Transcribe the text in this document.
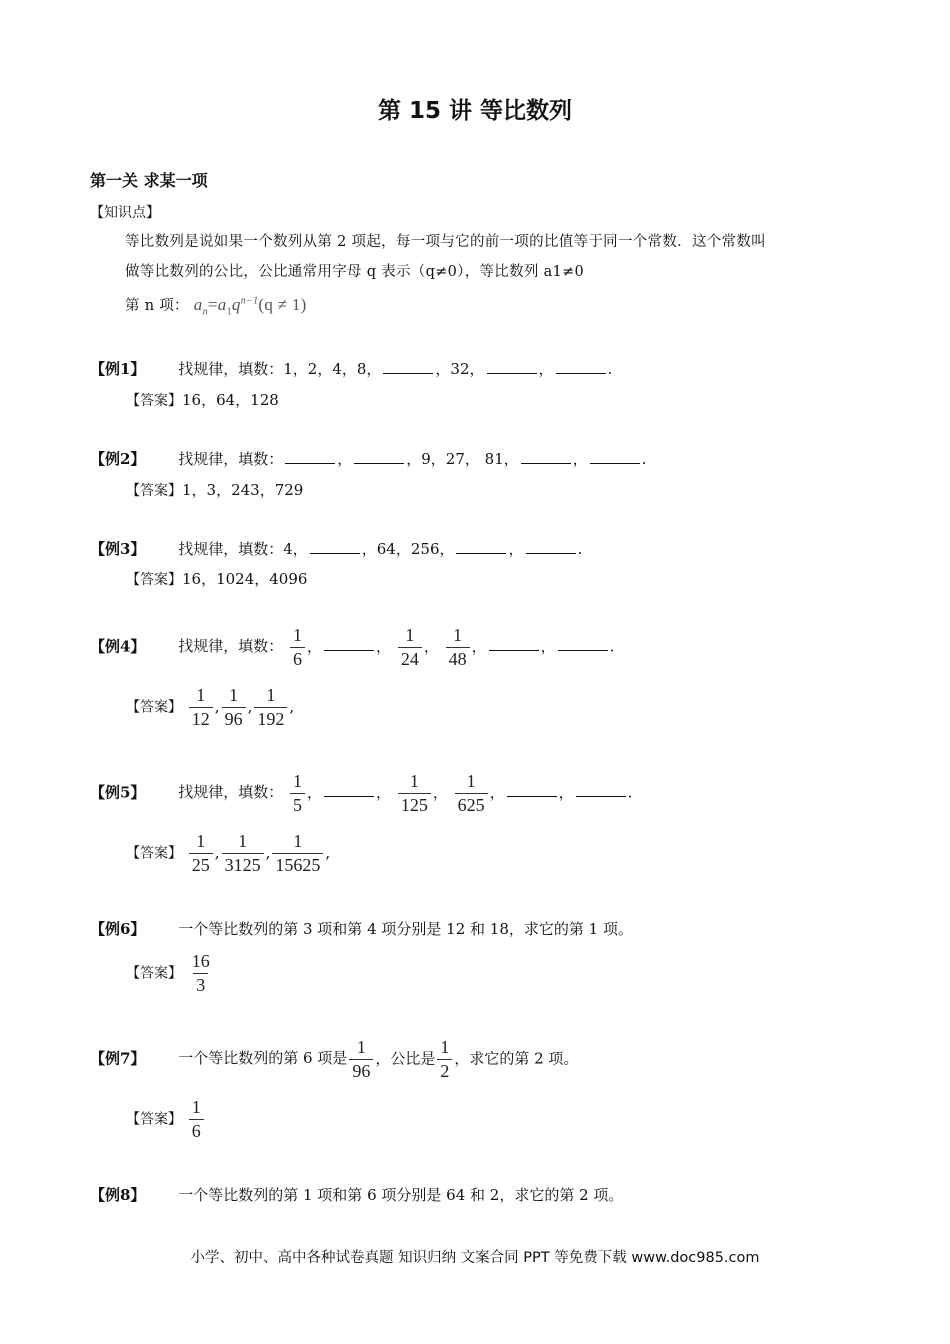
第 15 讲 等比数列
第一关 求某一项
【知识点】
等比数列是说如果一个数列从第 2 项起，每一项与它的前一项的比值等于同一个常数．这个常数叫
做等比数列的公比，公比通常用字母 q 表示（q≠0），等比数列 a1≠0
第 n 项： $a_n=a_1q^{n-1}(q \ne 1)$
【例1】 找规律，填数：1，2，4，8，	，32，	，	.
【答案】16，64，128
【例2】 找规律，填数：	，	，9，27， 81，	，	.
【答案】1，3，243，729
【例3】 找规律，填数：4，	，64，256，	，	.
【答案】16，1024，4096
【例4】 找规律，填数： $\frac{1}{6}$ ，	， $\frac{1}{24}$ ， $\frac{1}{48}$ ，	，	.
【答案】 $\frac{1}{12}$ , $\frac{1}{96}$ , $\frac{1}{192}$ ,
【例5】 找规律，填数： $\frac{1}{5}$ ，	， $\frac{1}{125}$ ， $\frac{1}{625}$ ，	，	.
【答案】 $\frac{1}{25}$ , $\frac{1}{3125}$ , $\frac{1}{15625}$ ,
【例6】 一个等比数列的第 3 项和第 4 项分别是 12 和 18，求它的第 1 项。
【答案】 $\frac{16}{3}$
【例7】 一个等比数列的第 6 项是 $\frac{1}{96}$ ，公比是 $\frac{1}{2}$ ，求它的第 2 项。
【答案】 $\frac{1}{6}$
【例8】 一个等比数列的第 1 项和第 6 项分别是 64 和 2，求它的第 2 项。
小学、初中、高中各种试卷真题 知识归纳 文案合同 PPT 等免费下载 www.doc985.com
